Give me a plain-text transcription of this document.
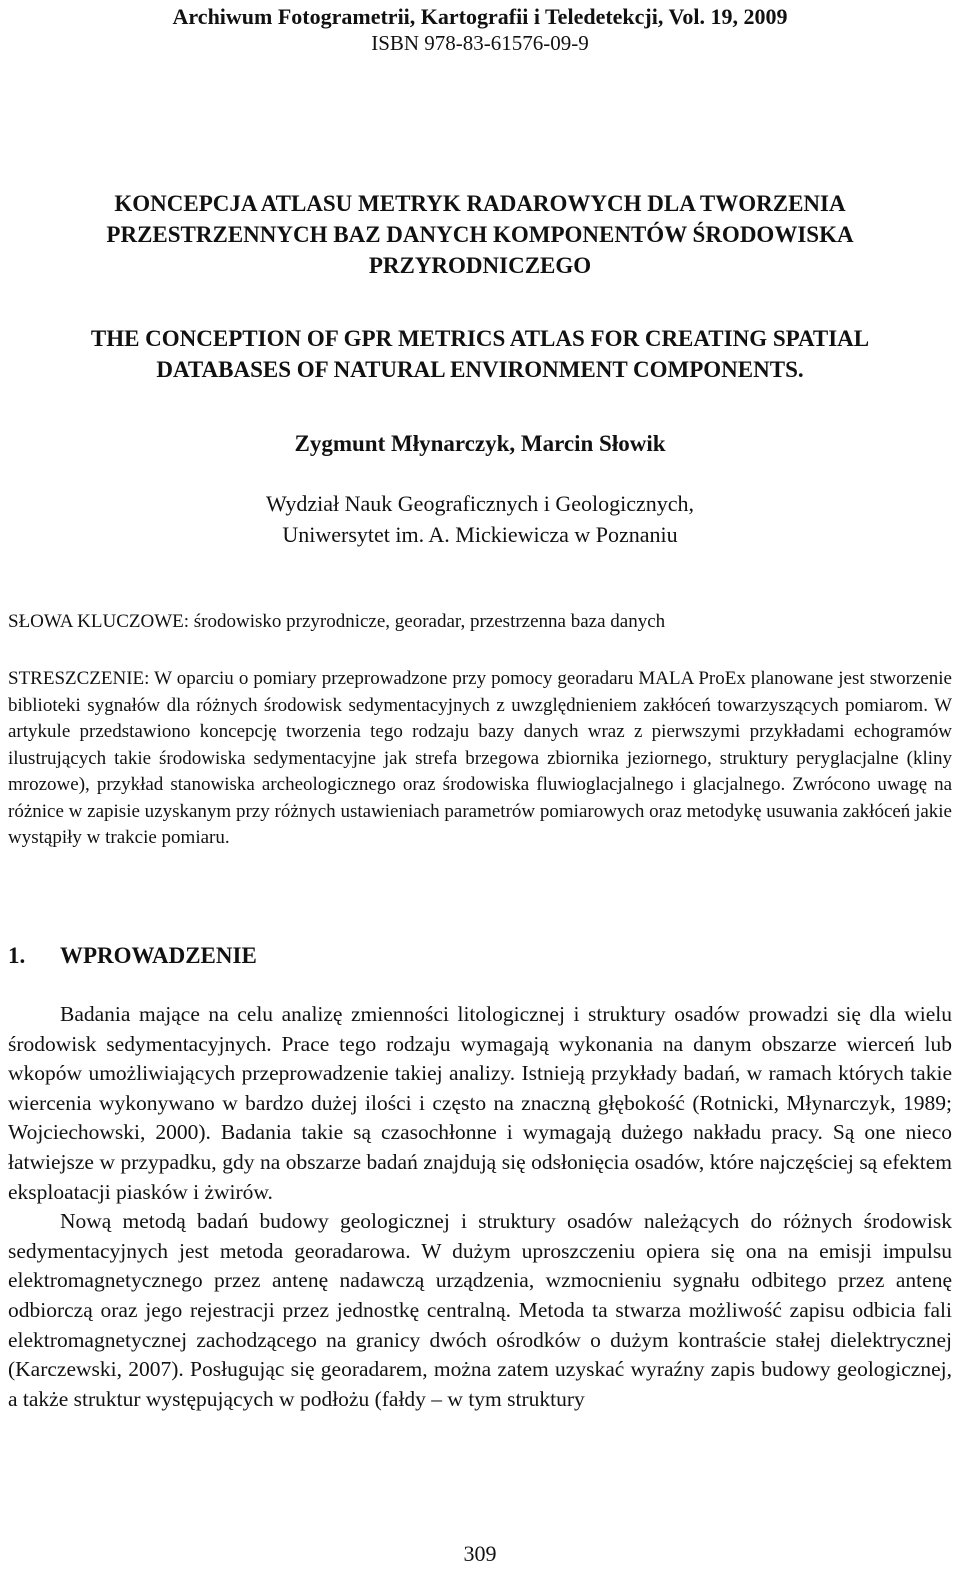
Archiwum Fotogrametrii, Kartografii i Teledetekcji, Vol. 19, 2009
ISBN 978-83-61576-09-9
KONCEPCJA ATLASU METRYK RADAROWYCH DLA TWORZENIA
PRZESTRZENNYCH BAZ DANYCH KOMPONENTÓW ŚRODOWISKA
PRZYRODNICZEGO
THE CONCEPTION OF GPR METRICS ATLAS FOR CREATING SPATIAL
DATABASES OF NATURAL ENVIRONMENT COMPONENTS.
Zygmunt Młynarczyk, Marcin Słowik
Wydział Nauk Geograficznych i Geologicznych,
Uniwersytet im. A. Mickiewicza w Poznaniu
SŁOWA KLUCZOWE: środowisko przyrodnicze, georadar, przestrzenna baza danych
STRESZCZENIE: W oparciu o pomiary przeprowadzone przy pomocy georadaru MALA ProEx planowane jest stworzenie biblioteki sygnałów dla różnych środowisk sedymentacyjnych z uwzględnieniem zakłóceń towarzyszących pomiarom. W artykule przedstawiono koncepcję tworzenia tego rodzaju bazy danych wraz z pierwszymi przykładami echogramów ilustrujących takie środowiska sedymentacyjne jak strefa brzegowa zbiornika jeziornego, struktury peryglacjalne (kliny mrozowe), przykład stanowiska archeologicznego oraz środowiska fluwioglacjalnego i glacjalnego. Zwrócono uwagę na różnice w zapisie uzyskanym przy różnych ustawieniach parametrów pomiarowych oraz metodykę usuwania zakłóceń jakie wystąpiły w trakcie pomiaru.
1. WPROWADZENIE

Badania mające na celu analizę zmienności litologicznej i struktury osadów prowadzi się dla wielu środowisk sedymentacyjnych. Prace tego rodzaju wymagają wykonania na danym obszarze wierceń lub wkopów umożliwiających przeprowadzenie takiej analizy. Istnieją przykłady badań, w ramach których takie wiercenia wykonywano w bardzo dużej ilości i często na znaczną głębokość (Rotnicki, Młynarczyk, 1989; Wojciechowski, 2000). Badania takie są czasochłonne i wymagają dużego nakładu pracy. Są one nieco łatwiejsze w przypadku, gdy na obszarze badań znajdują się odsłonięcia osadów, które najczęściej są efektem eksploatacji piasków i żwirów.

Nową metodą badań budowy geologicznej i struktury osadów należących do różnych środowisk sedymentacyjnych jest metoda georadarowa. W dużym uproszczeniu opiera się ona na emisji impulsu elektromagnetycznego przez antenę nadawczą urządzenia, wzmocnieniu sygnału odbitego przez antenę odbiorczą oraz jego rejestracji przez jednostkę centralną. Metoda ta stwarza możliwość zapisu odbicia fali elektromagnetycznej zachodzącego na granicy dwóch ośrodków o dużym kontraście stałej dielektrycznej (Karczewski, 2007). Posługując się georadarem, można zatem uzyskać wyraźny zapis budowy geologicznej, a także struktur występujących w podłożu (fałdy – w tym struktury

309
